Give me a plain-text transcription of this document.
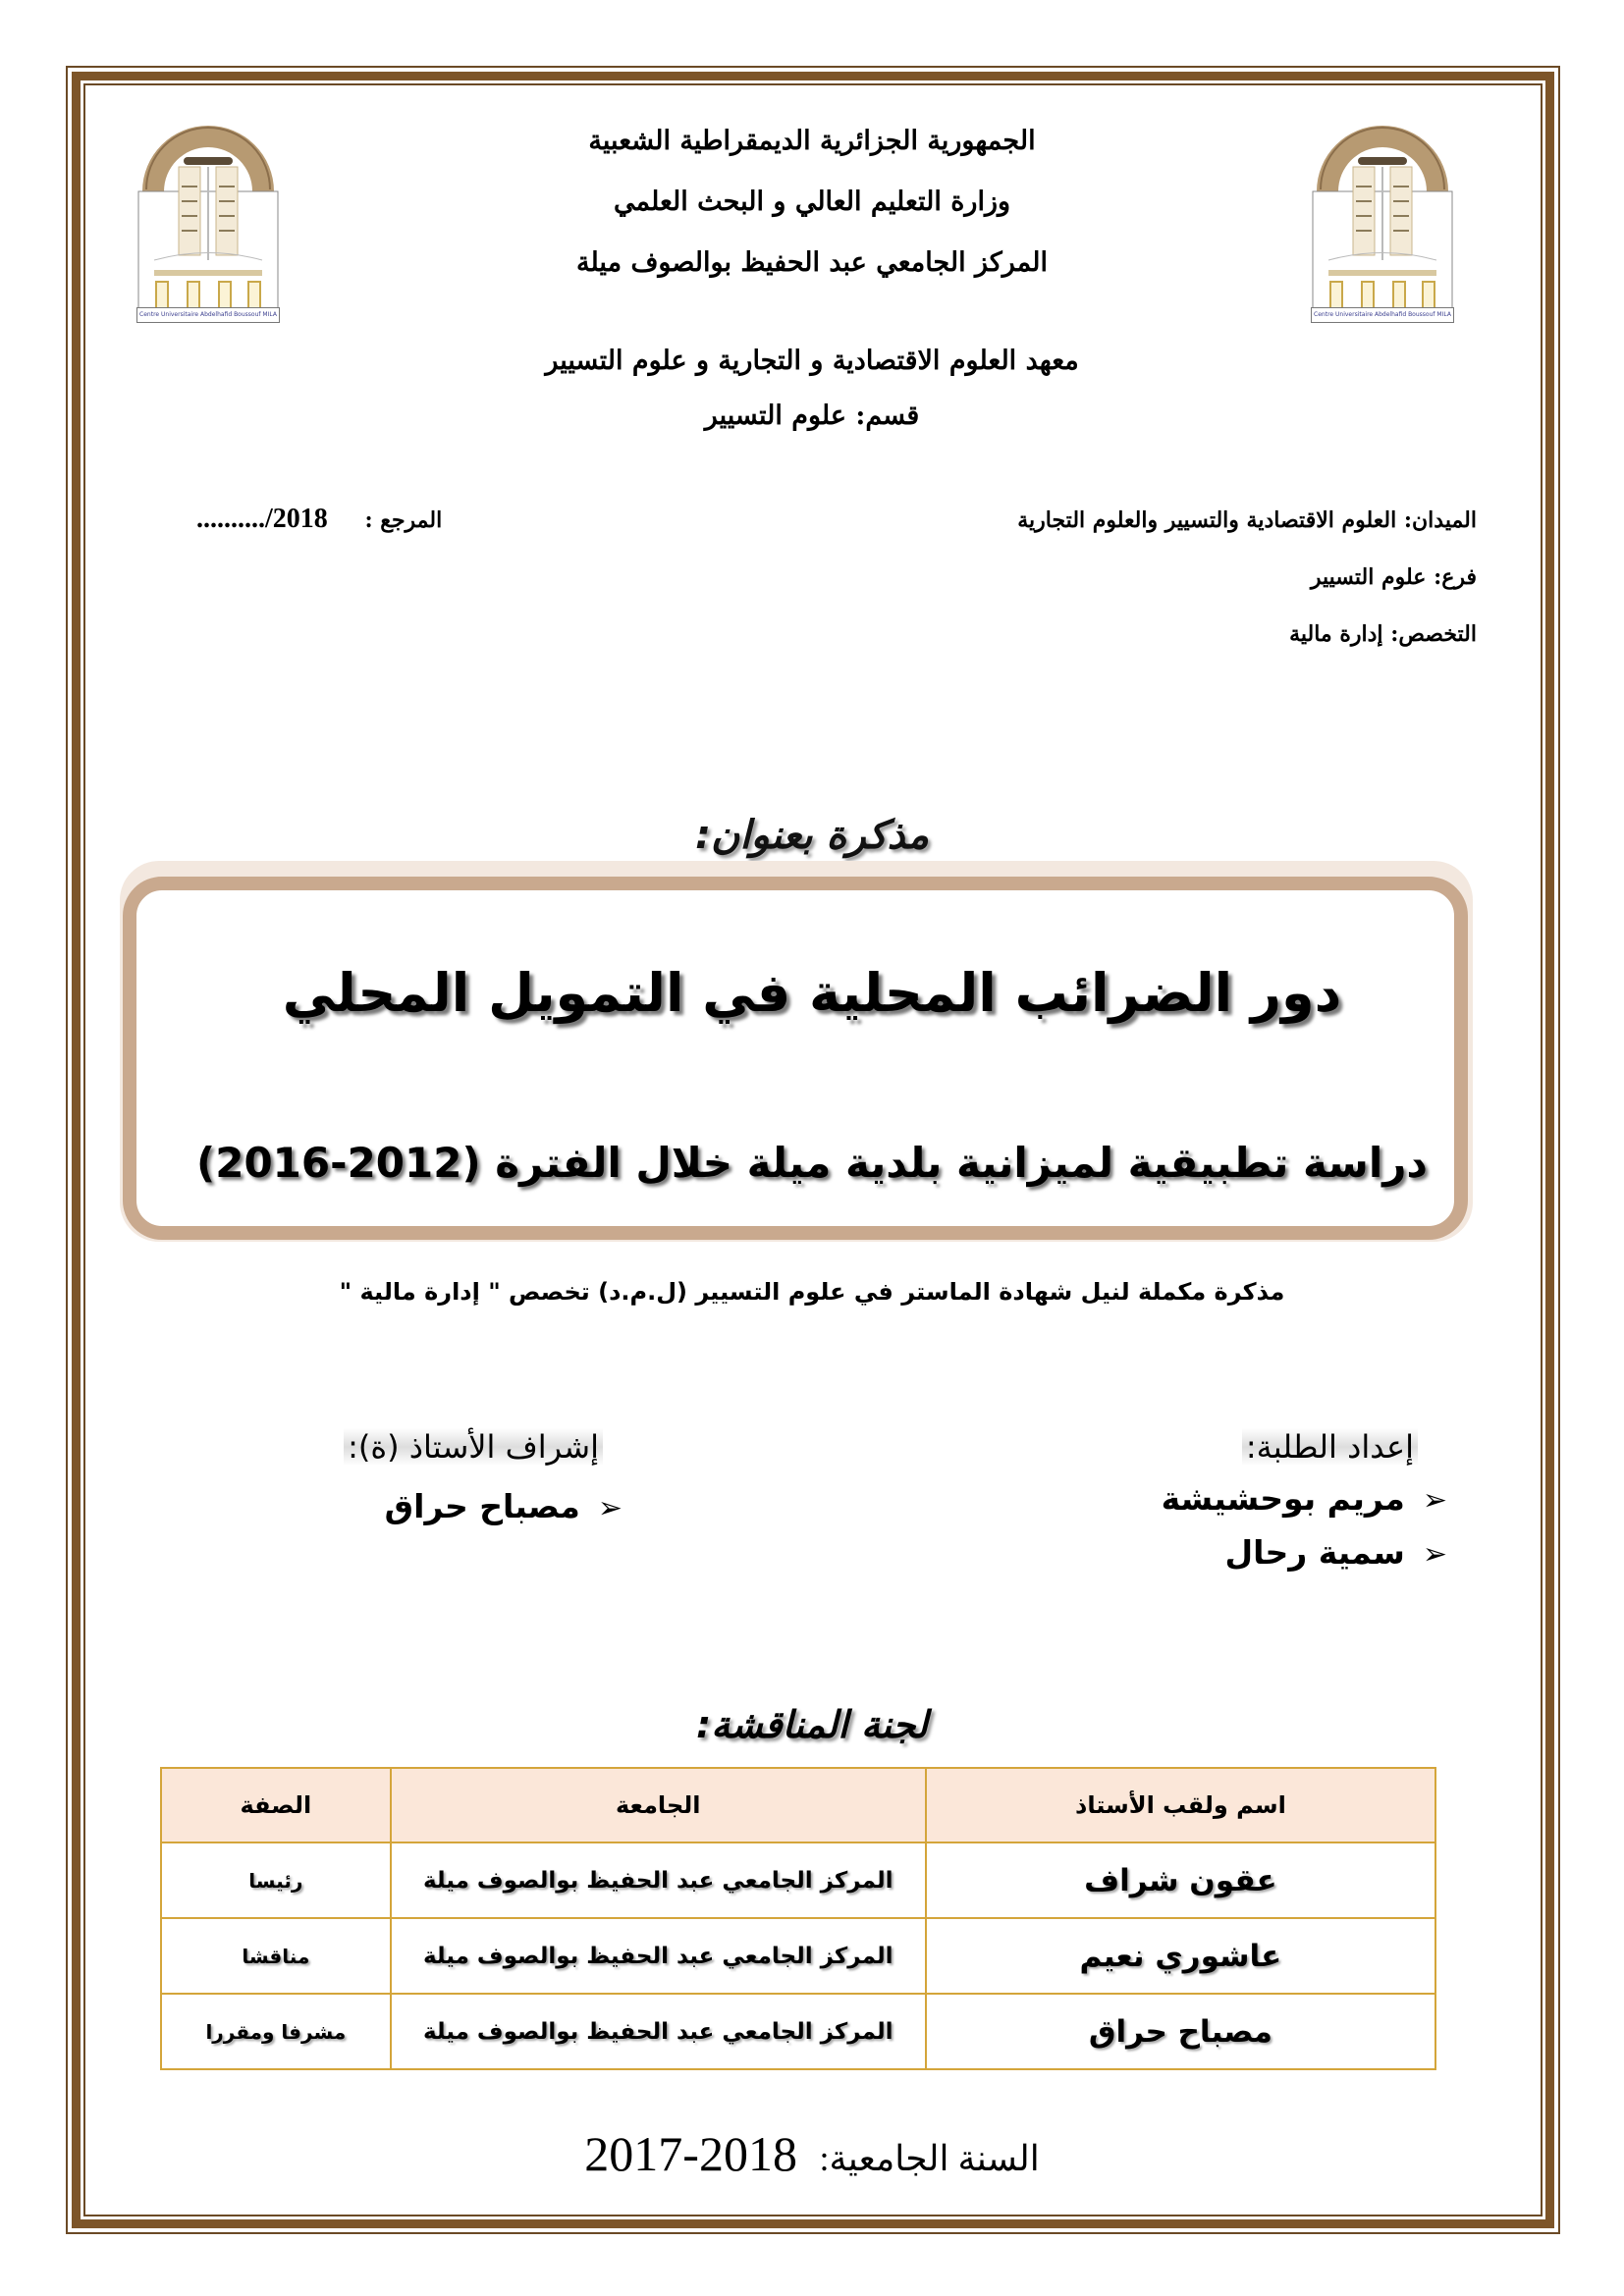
Centre Universitaire Abdelhafid Boussouf MILA	Centre Universitaire Abdelhafid Boussouf MILA
الجمهورية الجزائرية الديمقراطية الشعبية
وزارة التعليم العالي و البحث العلمي
المركز الجامعي عبد الحفيظ بوالصوف ميلة
معهد العلوم الاقتصادية و التجارية و علوم التسيير
قسم: علوم التسيير
الميدان: العلوم الاقتصادية والتسيير والعلوم التجارية
فرع: علوم التسيير
التخصص: إدارة مالية
........../2018 المرجع :
مذكرة بعنوان:
دور الضرائب المحلية في التمويل المحلي
دراسة تطبيقية لميزانية بلدية ميلة خلال الفترة (2012-2016)
مذكرة مكملة لنيل شهادة الماستر في علوم التسيير (ل.م.د) تخصص " إدارة مالية "
إعداد الطلبة:
➢مريم بوحشيشة
➢سمية رحال
إشراف الأستاذ (ة):
➢مصباح حراق
لجنة المناقشة:
اسم ولقب الأستاذ	الجامعة	الصفة
عقون شراف	المركز الجامعي عبد الحفيظ بوالصوف ميلة	رئيسا
عاشوري نعيم	المركز الجامعي عبد الحفيظ بوالصوف ميلة	مناقشا
مصباح حراق	المركز الجامعي عبد الحفيظ بوالصوف ميلة	مشرفا ومقررا
2017-2018 السنة الجامعية:
